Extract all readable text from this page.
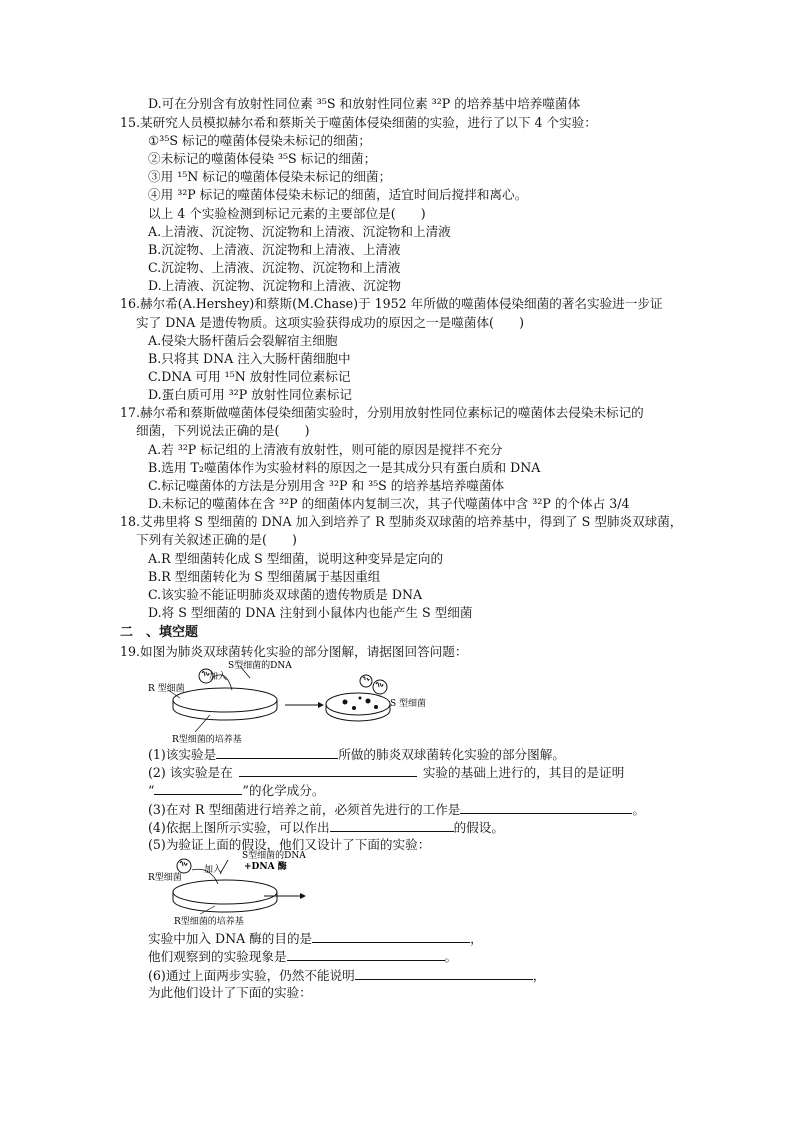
D.可在分别含有放射性同位素 ³⁵S 和放射性同位素 ³²P 的培养基中培养噬菌体
15.某研究人员模拟赫尔希和蔡斯关于噬菌体侵染细菌的实验，进行了以下 4 个实验：
①³⁵S 标记的噬菌体侵染未标记的细菌；
②未标记的噬菌体侵染 ³⁵S 标记的细菌；
③用 ¹⁵N 标记的噬菌体侵染未标记的细菌；
④用 ³²P 标记的噬菌体侵染未标记的细菌，适宜时间后搅拌和离心。
以上 4 个实验检测到标记元素的主要部位是(　　)
A.上清液、沉淀物、沉淀物和上清液、沉淀物和上清液
B.沉淀物、上清液、沉淀物和上清液、上清液
C.沉淀物、上清液、沉淀物、沉淀物和上清液
D.上清液、沉淀物、沉淀物和上清液、沉淀物
16.赫尔希(A.Hershey)和蔡斯(M.Chase)于 1952 年所做的噬菌体侵染细菌的著名实验进一步证
实了 DNA 是遗传物质。这项实验获得成功的原因之一是噬菌体(　　)
A.侵染大肠杆菌后会裂解宿主细胞
B.只将其 DNA 注入大肠杆菌细胞中
C.DNA 可用 ¹⁵N 放射性同位素标记
D.蛋白质可用 ³²P 放射性同位素标记
17.赫尔希和蔡斯做噬菌体侵染细菌实验时，分别用放射性同位素标记的噬菌体去侵染未标记的
细菌，下列说法正确的是(　　)
A.若 ³²P 标记组的上清液有放射性，则可能的原因是搅拌不充分
B.选用 T₂噬菌体作为实验材料的原因之一是其成分只有蛋白质和 DNA
C.标记噬菌体的方法是分别用含 ³²P 和 ³⁵S 的培养基培养噬菌体
D.未标记的噬菌体在含 ³²P 的细菌体内复制三次，其子代噬菌体中含 ³²P 的个体占 3/4
18.艾弗里将 S 型细菌的 DNA 加入到培养了 R 型肺炎双球菌的培养基中，得到了 S 型肺炎双球菌，
下列有关叙述正确的是(　　)
A.R 型细菌转化成 S 型细菌，说明这种变异是定向的
B.R 型细菌转化为 S 型细菌属于基因重组
C.该实验不能证明肺炎双球菌的遗传物质是 DNA
D.将 S 型细菌的 DNA 注射到小鼠体内也能产生 S 型细菌
二　、填空题
19.如图为肺炎双球菌转化实验的部分图解，请据图回答问题：
加入
S型细菌的DNA
R 型细菌
R型细菌的培养基
S 型细菌
(1)该实验是	所做的肺炎双球菌转化实验的部分图解。
(2) 该实验是在	实验的基础上进行的，其目的是证明
“	”的化学成分。
(3)在对 R 型细菌进行培养之前，必须首先进行的工作是	。
(4)依据上图所示实验，可以作出	的假设。
(5)为验证上面的假设，他们又设计了下面的实验：
加入
S型细菌的DNA
+DNA 酶
R型细菌
R型细菌的培养基
实验中加入 DNA 酶的目的是	，
他们观察到的实验现象是	。
(6)通过上面两步实验，仍然不能说明	，
为此他们设计了下面的实验：
